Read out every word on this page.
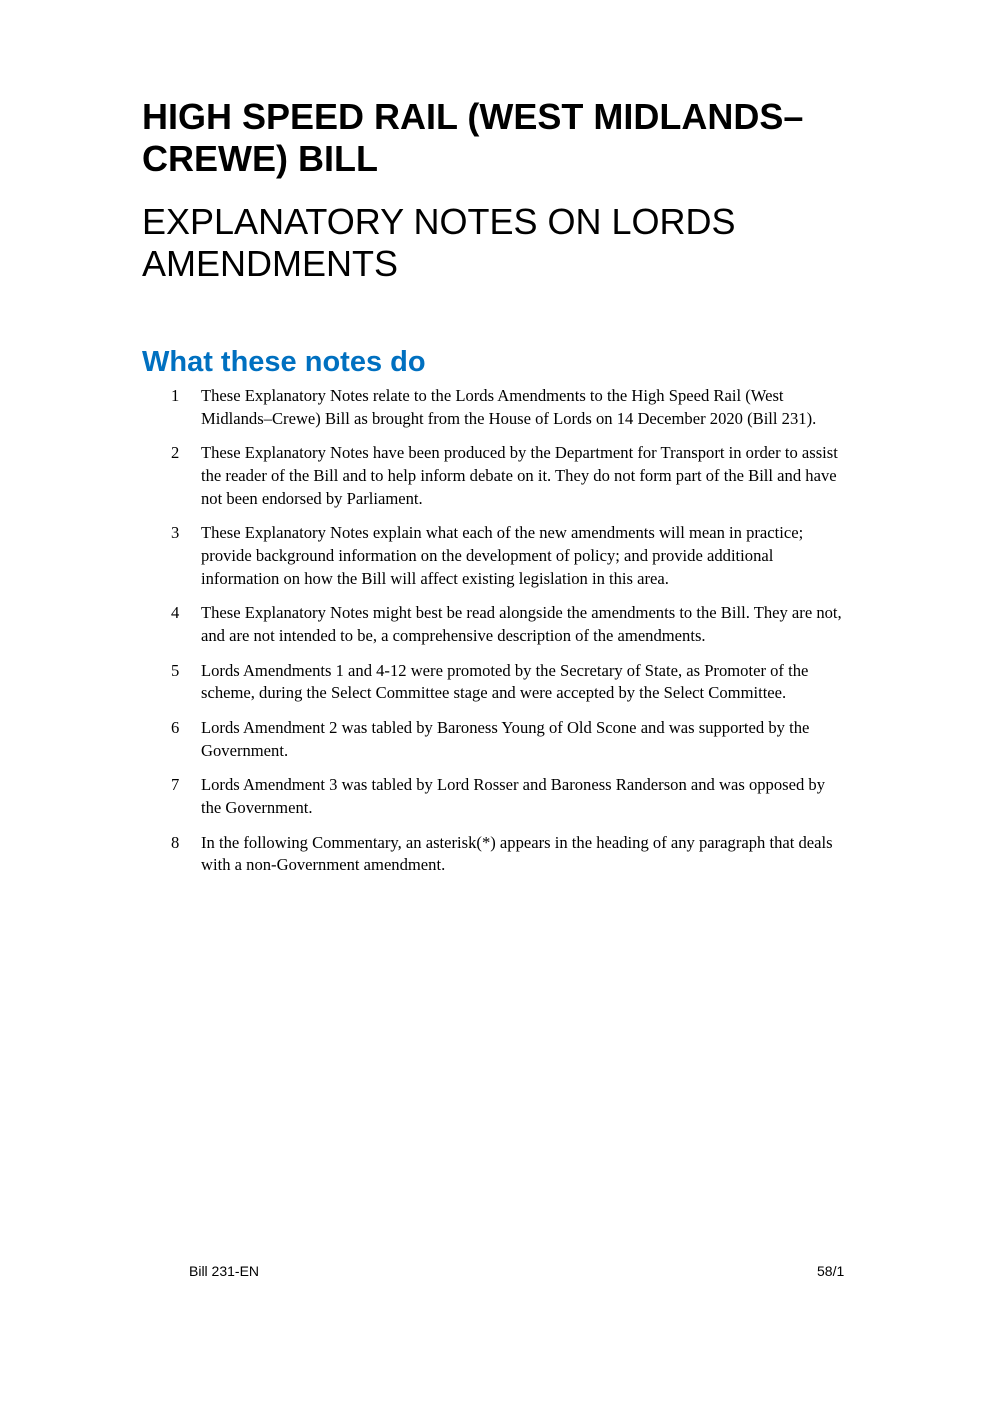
HIGH SPEED RAIL (WEST MIDLANDS–
CREWE) BILL
EXPLANATORY NOTES ON LORDS
AMENDMENTS
What these notes do
1 These Explanatory Notes relate to the Lords Amendments to the High Speed Rail (West
Midlands–Crewe) Bill as brought from the House of Lords on 14 December 2020 (Bill 231).
2 These Explanatory Notes have been produced by the Department for Transport in order to assist
the reader of the Bill and to help inform debate on it. They do not form part of the Bill and have
not been endorsed by Parliament.
3 These Explanatory Notes explain what each of the new amendments will mean in practice;
provide background information on the development of policy; and provide additional
information on how the Bill will affect existing legislation in this area.
4 These Explanatory Notes might best be read alongside the amendments to the Bill. They are not,
and are not intended to be, a comprehensive description of the amendments.
5 Lords Amendments 1 and 4-12 were promoted by the Secretary of State, as Promoter of the
scheme, during the Select Committee stage and were accepted by the Select Committee.
6 Lords Amendment 2 was tabled by Baroness Young of Old Scone and was supported by the
Government.
7 Lords Amendment 3 was tabled by Lord Rosser and Baroness Randerson and was opposed by
the Government.
8 In the following Commentary, an asterisk(*) appears in the heading of any paragraph that deals
with a non-Government amendment.
Bill 231-EN	58/1
